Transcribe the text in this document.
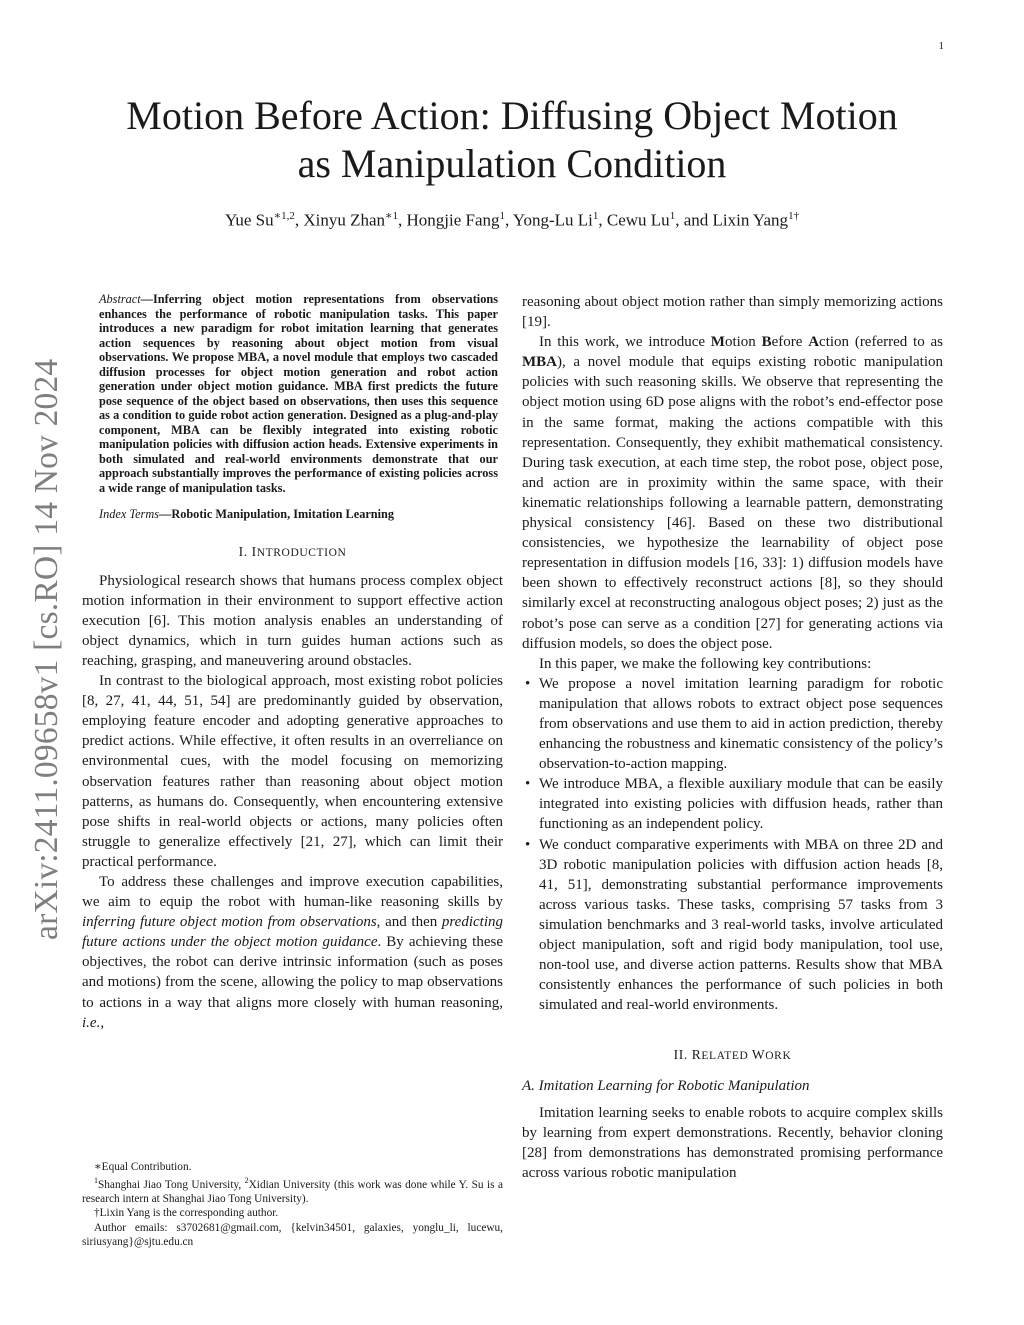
1
arXiv:2411.09658v1 [cs.RO] 14 Nov 2024
Motion Before Action: Diffusing Object Motion
as Manipulation Condition
Yue $Su^{∗1,2}$, Xinyu Zhan$^{∗1}$, Hongjie Fang$^1$, Yong-Lu Li$^1$, Cewu Lu$^1$, and Lixin Yang$^{1\dagger}$

Abstract—Inferring object motion representations from observations enhances the performance of robotic manipulation tasks. This paper introduces a new paradigm for robot imitation learning that generates action sequences by reasoning about object motion from visual observations. We propose MBA, a novel module that employs two cascaded diffusion processes for object motion generation and robot action generation under object motion guidance. MBA first predicts the future pose sequence of the object based on observations, then uses this sequence as a condition to guide robot action generation. Designed as a plug-and-play component, MBA can be flexibly integrated into existing robotic manipulation policies with diffusion action heads. Extensive experiments in both simulated and real-world environments demonstrate that our approach substantially improves the performance of existing policies across a wide range of manipulation tasks.

Index Terms—Robotic Manipulation, Imitation Learning

I. INTRODUCTION

Physiological research shows that humans process complex object motion information in their environment to support effective action execution [6]. This motion analysis enables an understanding of object dynamics, which in turn guides human actions such as reaching, grasping, and maneuvering around obstacles.

In contrast to the biological approach, most existing robot policies [8, 27, 41, 44, 51, 54] are predominantly guided by observation, employing feature encoder and adopting generative approaches to predict actions. While effective, it often results in an overreliance on environmental cues, with the model focusing on memorizing observation features rather than reasoning about object motion patterns, as humans do. Consequently, when encountering extensive pose shifts in real-world objects or actions, many policies often struggle to generalize effectively [21, 27], which can limit their practical performance.

To address these challenges and improve execution capabilities, we aim to equip the robot with human-like reasoning skills by inferring future object motion from observations, and then predicting future actions under the object motion guidance. By achieving these objectives, the robot can derive intrinsic information (such as poses and motions) from the scene, allowing the policy to map observations to actions in a way that aligns more closely with human reasoning, i.e.,

∗Equal Contribution.
$^1$Shanghai Jiao Tong University, $^2$Xidian University (this work was done while Y. Su is a research intern at Shanghai Jiao Tong University).
†Lixin Yang is the corresponding author.
Author emails: s3702681@gmail.com, {kelvin34501, galaxies, yonglu_li, lucewu, siriusyang}@sjtu.edu.cn

reasoning about object motion rather than simply memorizing actions [19].

In this work, we introduce Motion Before Action (referred to as MBA), a novel module that equips existing robotic manipulation policies with such reasoning skills. We observe that representing the object motion using 6D pose aligns with the robot’s end-effector pose in the same format, making the actions compatible with this representation. Consequently, they exhibit mathematical consistency. During task execution, at each time step, the robot pose, object pose, and action are in proximity within the same space, with their kinematic relationships following a learnable pattern, demonstrating physical consistency [46]. Based on these two distributional consistencies, we hypothesize the learnability of object pose representation in diffusion models [16, 33]: 1) diffusion models have been shown to effectively reconstruct actions [8], so they should similarly excel at reconstructing analogous object poses; 2) just as the robot’s pose can serve as a condition [27] for generating actions via diffusion models, so does the object pose.

In this paper, we make the following key contributions:

• We propose a novel imitation learning paradigm for robotic manipulation that allows robots to extract object pose sequences from observations and use them to aid in action prediction, thereby enhancing the robustness and kinematic consistency of the policy’s observation-to-action mapping.
• We introduce MBA, a flexible auxiliary module that can be easily integrated into existing policies with diffusion heads, rather than functioning as an independent policy.
• We conduct comparative experiments with MBA on three 2D and 3D robotic manipulation policies with diffusion action heads [8, 41, 51], demonstrating substantial performance improvements across various tasks. These tasks, comprising 57 tasks from 3 simulation benchmarks and 3 real-world tasks, involve articulated object manipulation, soft and rigid body manipulation, tool use, non-tool use, and diverse action patterns. Results show that MBA consistently enhances the performance of such policies in both simulated and real-world environments.
II. RELATED WORK
A. Imitation Learning for Robotic Manipulation

Imitation learning seeks to enable robots to acquire complex skills by learning from expert demonstrations. Recently, behavior cloning [28] from demonstrations has demonstrated promising performance across various robotic manipulation
